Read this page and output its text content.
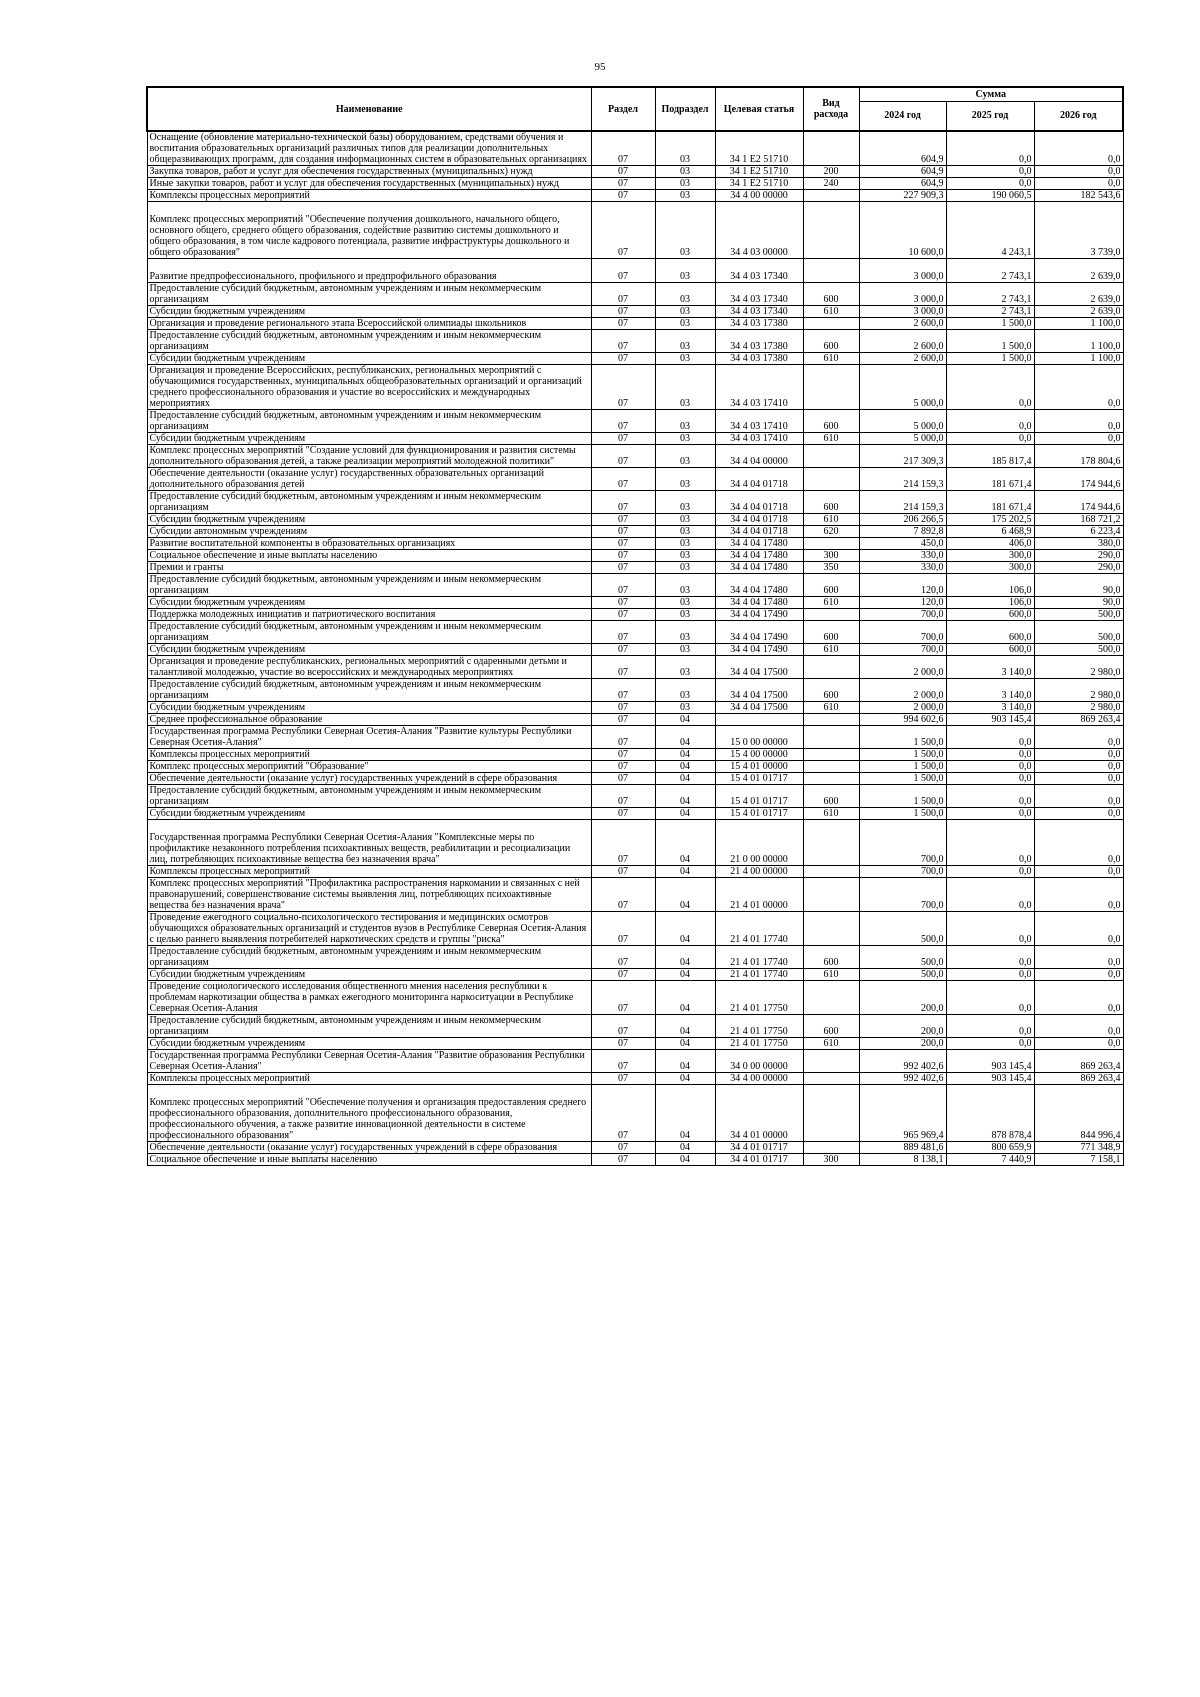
95
Наименование	Раздел	Подраздел	Целевая статья	Вид расхода	Сумма		
					2024 год	2025 год	2026 год
Оснащение (обновление материально-технической базы) оборудованием, средствами обучения и воспитания образовательных организаций различных типов для реализации дополнительных общеразвивающих программ, для создания информационных систем в образовательных организациях	07	03	34 1 E2 51710		604,9	0,0	0,0
Закупка товаров, работ и услуг для обеспечения государственных (муниципальных) нужд	07	03	34 1 E2 51710	200	604,9	0,0	0,0
Иные закупки товаров, работ и услуг для обеспечения государственных (муниципальных) нужд	07	03	34 1 E2 51710	240	604,9	0,0	0,0
Комплексы процессных мероприятий	07	03	34 4 00 00000		227 909,3	190 060,5	182 543,6
Комплекс процессных мероприятий "Обеспечение получения дошкольного, начального общего, основного общего, среднего общего образования, содействие развитию системы дошкольного и общего образования, в том числе кадрового потенциала, развитие инфраструктуры дошкольного и общего образования"	07	03	34 4 03 00000		10 600,0	4 243,1	3 739,0
Развитие предпрофессионального, профильного и предпрофильного образования	07	03	34 4 03 17340		3 000,0	2 743,1	2 639,0
Предоставление субсидий бюджетным, автономным учреждениям и иным некоммерческим организациям	07	03	34 4 03 17340	600	3 000,0	2 743,1	2 639,0
Субсидии бюджетным учреждениям	07	03	34 4 03 17340	610	3 000,0	2 743,1	2 639,0
Организация и проведение регионального этапа Всероссийской олимпиады школьников	07	03	34 4 03 17380		2 600,0	1 500,0	1 100,0
Предоставление субсидий бюджетным, автономным учреждениям и иным некоммерческим организациям	07	03	34 4 03 17380	600	2 600,0	1 500,0	1 100,0
Субсидии бюджетным учреждениям	07	03	34 4 03 17380	610	2 600,0	1 500,0	1 100,0
Организация и проведение Всероссийских, республиканских, региональных мероприятий с обучающимися государственных, муниципальных общеобразовательных организаций и организаций среднего профессионального образования и участие во всероссийских и международных мероприятиях	07	03	34 4 03 17410		5 000,0	0,0	0,0
Предоставление субсидий бюджетным, автономным учреждениям и иным некоммерческим организациям	07	03	34 4 03 17410	600	5 000,0	0,0	0,0
Субсидии бюджетным учреждениям	07	03	34 4 03 17410	610	5 000,0	0,0	0,0
Комплекс процессных мероприятий "Создание условий для функционирования и развития системы дополнительного образования детей, а также реализации мероприятий молодежной политики"	07	03	34 4 04 00000		217 309,3	185 817,4	178 804,6
Обеспечение деятельности (оказание услуг) государственных образовательных организаций дополнительного образования детей	07	03	34 4 04 01718		214 159,3	181 671,4	174 944,6
Предоставление субсидий бюджетным, автономным учреждениям и иным некоммерческим организациям	07	03	34 4 04 01718	600	214 159,3	181 671,4	174 944,6
Субсидии бюджетным учреждениям	07	03	34 4 04 01718	610	206 266,5	175 202,5	168 721,2
Субсидии автономным учреждениям	07	03	34 4 04 01718	620	7 892,8	6 468,9	6 223,4
Развитие воспитательной компоненты в образовательных организациях	07	03	34 4 04 17480		450,0	406,0	380,0
Социальное обеспечение и иные выплаты населению	07	03	34 4 04 17480	300	330,0	300,0	290,0
Премии и гранты	07	03	34 4 04 17480	350	330,0	300,0	290,0
Предоставление субсидий бюджетным, автономным учреждениям и иным некоммерческим организациям	07	03	34 4 04 17480	600	120,0	106,0	90,0
Субсидии бюджетным учреждениям	07	03	34 4 04 17480	610	120,0	106,0	90,0
Поддержка молодежных инициатив и патриотического воспитания	07	03	34 4 04 17490		700,0	600,0	500,0
Предоставление субсидий бюджетным, автономным учреждениям и иным некоммерческим организациям	07	03	34 4 04 17490	600	700,0	600,0	500,0
Субсидии бюджетным учреждениям	07	03	34 4 04 17490	610	700,0	600,0	500,0
Организация и проведение республиканских, региональных мероприятий с одаренными детьми и талантливой молодежью, участие во всероссийских и международных мероприятиях	07	03	34 4 04 17500		2 000,0	3 140,0	2 980,0
Предоставление субсидий бюджетным, автономным учреждениям и иным некоммерческим организациям	07	03	34 4 04 17500	600	2 000,0	3 140,0	2 980,0
Субсидии бюджетным учреждениям	07	03	34 4 04 17500	610	2 000,0	3 140,0	2 980,0
Среднее профессиональное образование	07	04			994 602,6	903 145,4	869 263,4
Государственная программа Республики Северная Осетия-Алания "Развитие культуры Республики Северная Осетия-Алания"	07	04	15 0 00 00000		1 500,0	0,0	0,0
Комплексы процессных мероприятий	07	04	15 4 00 00000		1 500,0	0,0	0,0
Комплекс процессных мероприятий "Образование"	07	04	15 4 01 00000		1 500,0	0,0	0,0
Обеспечение деятельности (оказание услуг) государственных учреждений в сфере образования	07	04	15 4 01 01717		1 500,0	0,0	0,0
Предоставление субсидий бюджетным, автономным учреждениям и иным некоммерческим организациям	07	04	15 4 01 01717	600	1 500,0	0,0	0,0
Субсидии бюджетным учреждениям	07	04	15 4 01 01717	610	1 500,0	0,0	0,0
Государственная программа Республики Северная Осетия-Алания "Комплексные меры по профилактике незаконного потребления психоактивных веществ, реабилитации и ресоциализации лиц, потребляющих психоактивные вещества без назначения врача"	07	04	21 0 00 00000		700,0	0,0	0,0
Комплексы процессных мероприятий	07	04	21 4 00 00000		700,0	0,0	0,0
Комплекс процессных мероприятий "Профилактика распространения наркомании и связанных с ней правонарушений, совершенствование системы выявления лиц, потребляющих психоактивные вещества без назначения врача"	07	04	21 4 01 00000		700,0	0,0	0,0
Проведение ежегодного социально-психологического тестирования и медицинских осмотров обучающихся образовательных организаций и студентов вузов в Республике Северная Осетия-Алания с целью раннего выявления потребителей наркотических средств и группы "риска"	07	04	21 4 01 17740		500,0	0,0	0,0
Предоставление субсидий бюджетным, автономным учреждениям и иным некоммерческим организациям	07	04	21 4 01 17740	600	500,0	0,0	0,0
Субсидии бюджетным учреждениям	07	04	21 4 01 17740	610	500,0	0,0	0,0
Проведение социологического исследования общественного мнения населения республики к проблемам наркотизации общества в рамках ежегодного мониторинга наркоситуации в Республике Северная Осетия-Алания	07	04	21 4 01 17750		200,0	0,0	0,0
Предоставление субсидий бюджетным, автономным учреждениям и иным некоммерческим организациям	07	04	21 4 01 17750	600	200,0	0,0	0,0
Субсидии бюджетным учреждениям	07	04	21 4 01 17750	610	200,0	0,0	0,0
Государственная программа Республики Северная Осетия-Алания "Развитие образования Республики Северная Осетия-Алания"	07	04	34 0 00 00000		992 402,6	903 145,4	869 263,4
Комплексы процессных мероприятий	07	04	34 4 00 00000		992 402,6	903 145,4	869 263,4
Комплекс процессных мероприятий "Обеспечение получения и организация предоставления среднего профессионального образования, дополнительного профессионального образования, профессионального обучения, а также развитие инновационной деятельности в системе профессионального образования"	07	04	34 4 01 00000		965 969,4	878 878,4	844 996,4
Обеспечение деятельности (оказание услуг) государственных учреждений в сфере образования	07	04	34 4 01 01717		889 481,6	800 659,9	771 348,9
Социальное обеспечение и иные выплаты населению	07	04	34 4 01 01717	300	8 138,1	7 440,9	7 158,1
